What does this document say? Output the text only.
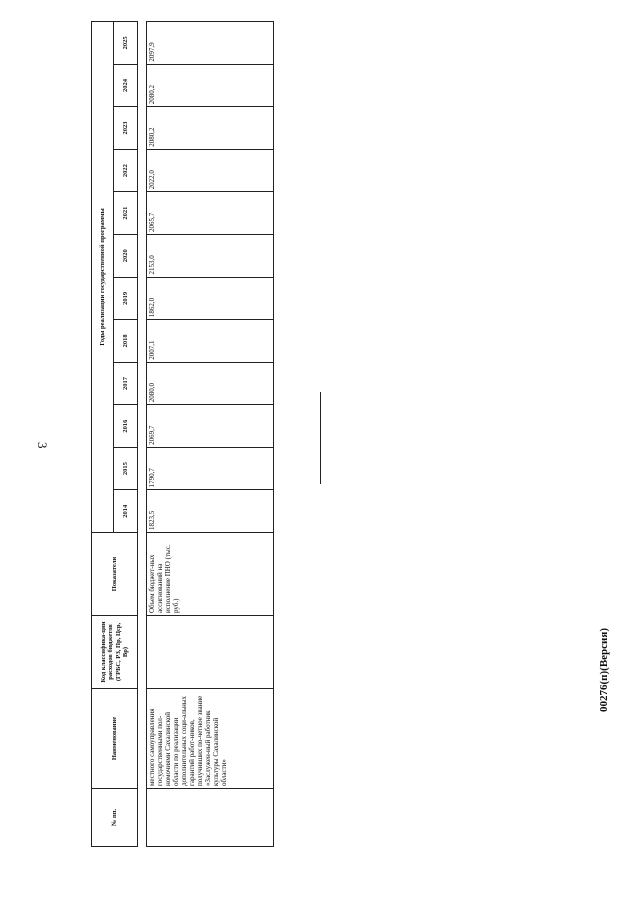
3
№ пп.	Наименование	Код классифика-ции расходов бюджетов (ГРБС, РЗ, Пр, Цср, Вр)	Показатели	Годы реализации государственной программы											
				2014	2015	2016	2017	2018	2019	2020	2021	2022	2023	2024	2025

	местного самоуправления государственными пол-номочиями Сахалинской области по реализации дополнительных соци-альных гарантий работ-ников, получивших по-четное звание «Заслужен-ный работник культуры Сахалинской области»		Объем бюджет-ных ассигнований на исполнение ПНО (тыс. руб.)	1823,5	1790,7	2069,7	2080,0	2007,1	1862,0	2153,0	2065,7	2022,0	2080,2	2080,2	2097,9
00276(п)(Версия)
